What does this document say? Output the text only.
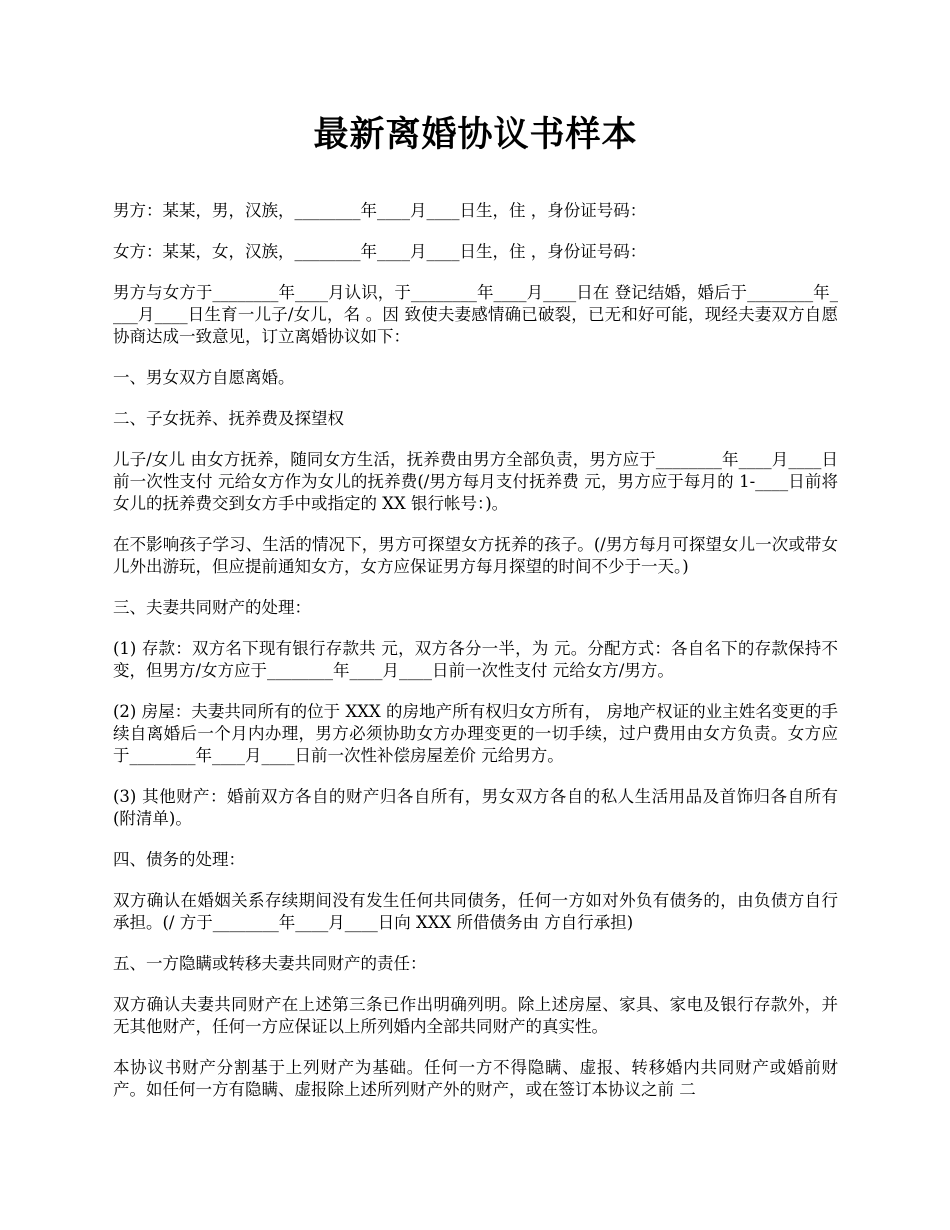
最新离婚协议书样本

男方：某某，男，汉族，________年____月____日生，住 ，身份证号码：

女方：某某，女，汉族，________年____月____日生，住 ，身份证号码：

男方与女方于________年____月认识，于________年____月____日在 登记结婚，婚后于________年____月____日生育一儿子/女儿，名 。因 致使夫妻感情确已破裂，已无和好可能，现经夫妻双方自愿协商达成一致意见，订立离婚协议如下：

一、男女双方自愿离婚。

二、子女抚养、抚养费及探望权

儿子/女儿 由女方抚养，随同女方生活，抚养费由男方全部负责，男方应于________年____月____日前一次性支付 元给女方作为女儿的抚养费(/男方每月支付抚养费 元，男方应于每月的 1-____日前将女儿的抚养费交到女方手中或指定的 XX 银行帐号：)。

在不影响孩子学习、生活的情况下，男方可探望女方抚养的孩子。(/男方每月可探望女儿一次或带女儿外出游玩，但应提前通知女方，女方应保证男方每月探望的时间不少于一天。)

三、夫妻共同财产的处理：

(1) 存款：双方名下现有银行存款共 元，双方各分一半，为 元。分配方式：各自名下的存款保持不变，但男方/女方应于________年____月____日前一次性支付 元给女方/男方。

(2) 房屋：夫妻共同所有的位于 XXX 的房地产所有权归女方所有， 房地产权证的业主姓名变更的手续自离婚后一个月内办理，男方必须协助女方办理变更的一切手续，过户费用由女方负责。女方应于________年____月____日前一次性补偿房屋差价 元给男方。

(3) 其他财产：婚前双方各自的财产归各自所有，男女双方各自的私人生活用品及首饰归各自所有(附清单)。

四、债务的处理：

双方确认在婚姻关系存续期间没有发生任何共同债务，任何一方如对外负有债务的，由负债方自行承担。(/ 方于________年____月____日向 XXX 所借债务由 方自行承担)

五、一方隐瞒或转移夫妻共同财产的责任：

双方确认夫妻共同财产在上述第三条已作出明确列明。除上述房屋、家具、家电及银行存款外，并无其他财产，任何一方应保证以上所列婚内全部共同财产的真实性。

本协议书财产分割基于上列财产为基础。任何一方不得隐瞒、虚报、转移婚内共同财产或婚前财产。如任何一方有隐瞒、虚报除上述所列财产外的财产，或在签订本协议之前 二
